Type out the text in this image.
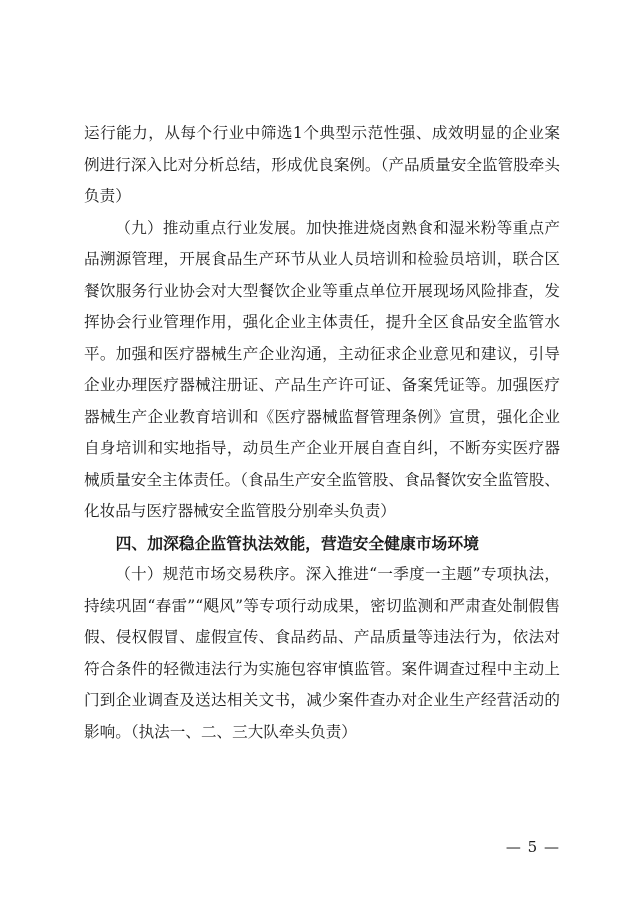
运行能力，从每个行业中筛选1个典型示范性强、成效明显的企业案例进行深入比对分析总结，形成优良案例。（产品质量安全监管股牵头负责）

（九）推动重点行业发展。加快推进烧卤熟食和湿米粉等重点产品溯源管理，开展食品生产环节从业人员培训和检验员培训，联合区餐饮服务行业协会对大型餐饮企业等重点单位开展现场风险排查，发挥协会行业管理作用，强化企业主体责任，提升全区食品安全监管水平。加强和医疗器械生产企业沟通，主动征求企业意见和建议，引导企业办理医疗器械注册证、产品生产许可证、备案凭证等。加强医疗器械生产企业教育培训和《医疗器械监督管理条例》宣贯，强化企业自身培训和实地指导，动员生产企业开展自查自纠，不断夯实医疗器械质量安全主体责任。（食品生产安全监管股、食品餐饮安全监管股、化妆品与医疗器械安全监管股分别牵头负责）

四、加深稳企监管执法效能，营造安全健康市场环境

（十）规范市场交易秩序。深入推进“一季度一主题”专项执法，持续巩固“春雷”“飓风”等专项行动成果，密切监测和严肃查处制假售假、侵权假冒、虚假宣传、食品药品、产品质量等违法行为，依法对符合条件的轻微违法行为实施包容审慎监管。案件调查过程中主动上门到企业调查及送达相关文书，减少案件查办对企业生产经营活动的影响。（执法一、二、三大队牵头负责）

— 5 —
